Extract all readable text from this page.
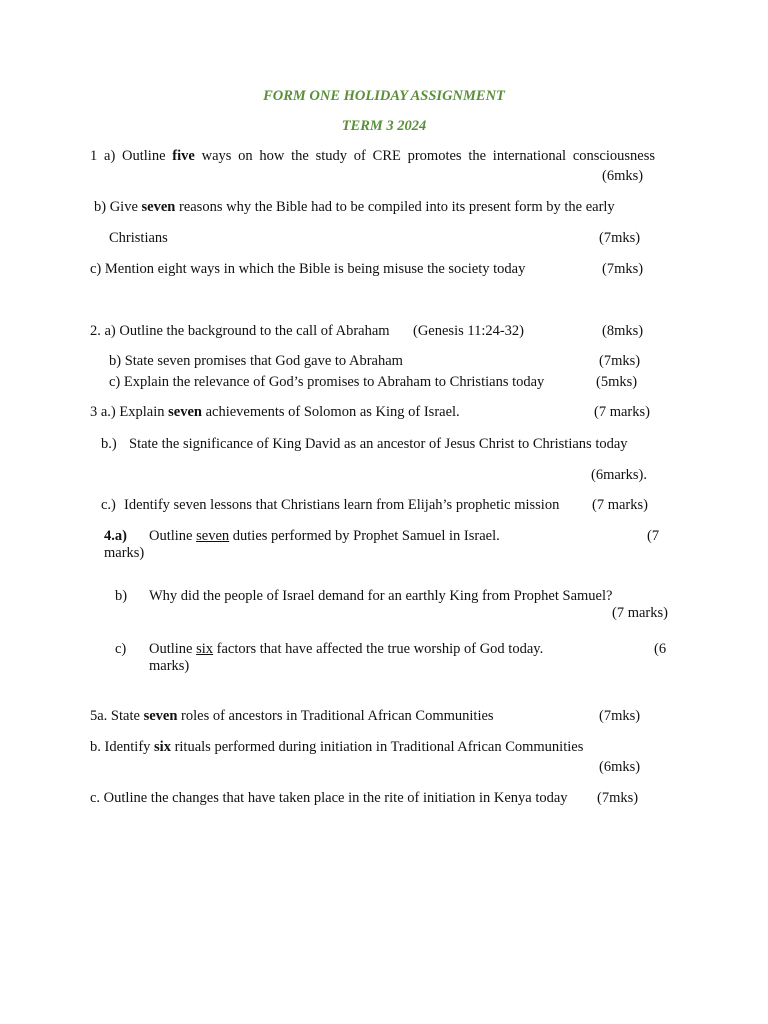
FORM ONE HOLIDAY ASSIGNMENT
TERM 3 2024
1 a) Outline five ways on how the study of CRE promotes the international consciousness
(6mks)
b) Give seven reasons why the Bible had to be compiled into its present form by the early
Christians	(7mks)
c) Mention eight ways in which the Bible is being misuse the society today	(7mks)
2. a) Outline the background to the call of Abraham (Genesis 11:24-32)	(8mks)
b) State seven promises that God gave to Abraham	(7mks)
c) Explain the relevance of God’s promises to Abraham to Christians today	(5mks)
3 a.) Explain seven achievements of Solomon as King of Israel.	(7 marks)
b.) State the significance of King David as an ancestor of Jesus Christ to Christians today
(6marks).
c.) Identify seven lessons that Christians learn from Elijah’s prophetic mission (7 marks)
4.a) Outline seven duties performed by Prophet Samuel in Israel.	(7
marks)
b) Why did the people of Israel demand for an earthly King from Prophet Samuel?
(7 marks)
c) Outline six factors that have affected the true worship of God today.	(6
marks)
5a. State seven roles of ancestors in Traditional African Communities	(7mks)
b. Identify six rituals performed during initiation in Traditional African Communities
(6mks)
c. Outline the changes that have taken place in the rite of initiation in Kenya today (7mks)
